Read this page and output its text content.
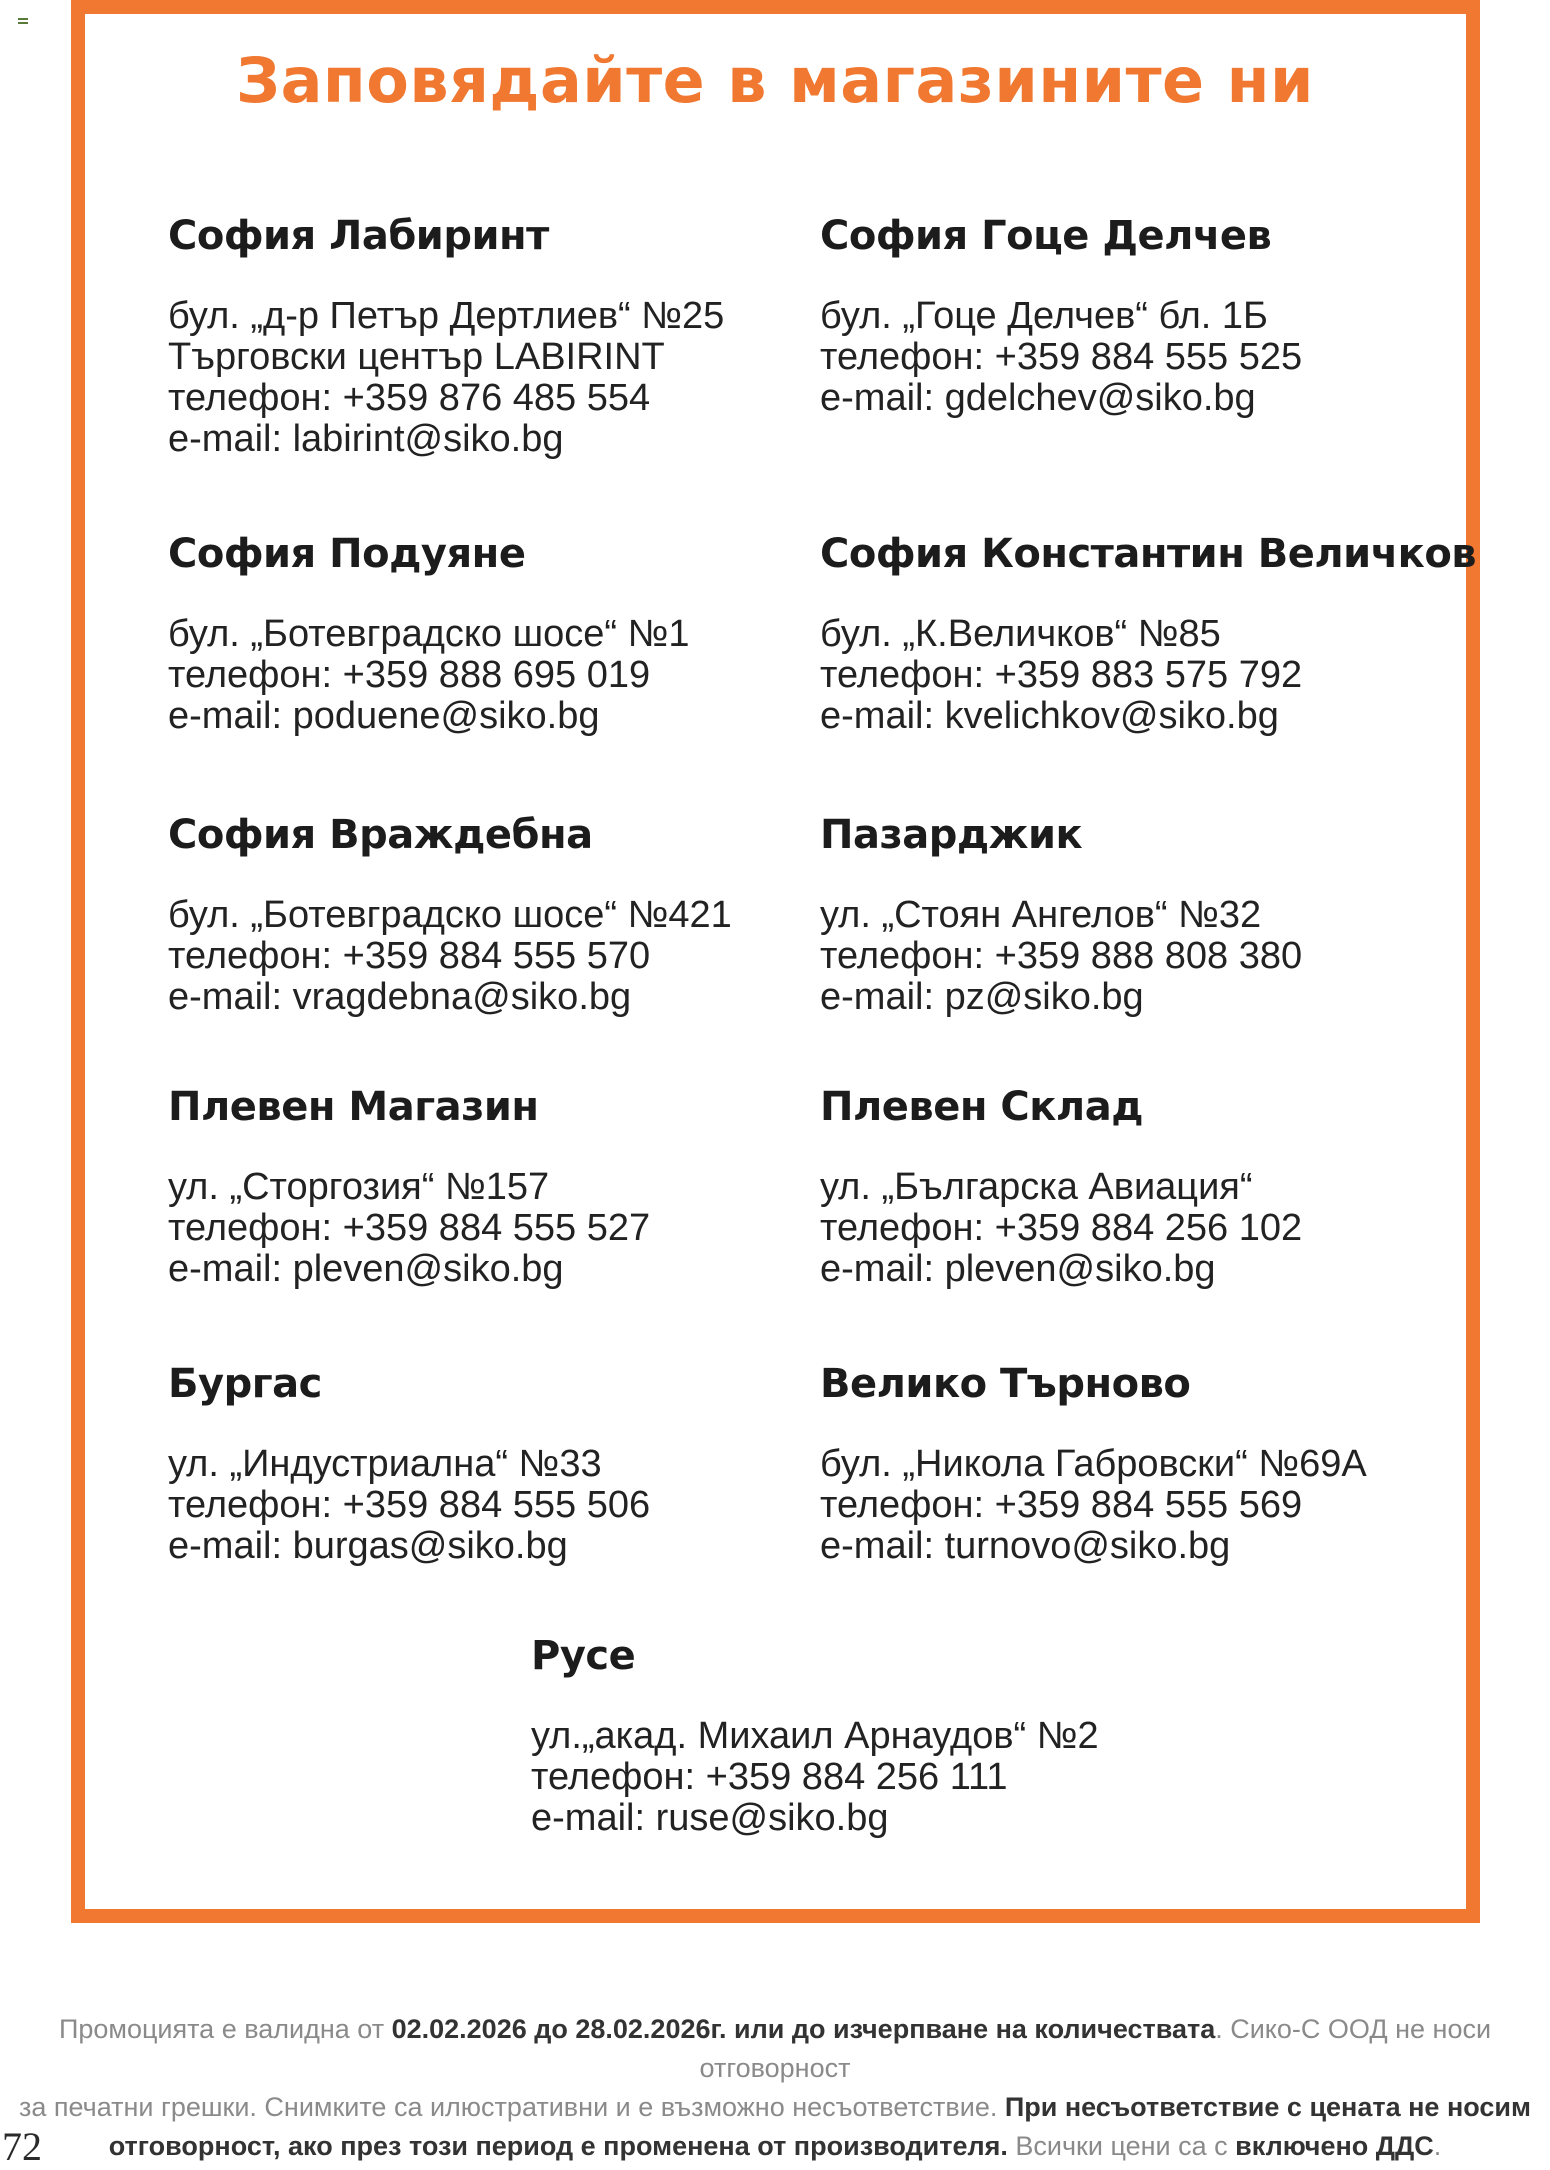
Заповядайте в магазините ни
София Лабиринт
бул. „д-р Петър Дертлиев“ №25
Търговски център LABIRINT
телефон: +359 876 485 554
e-mail: labirint@siko.bg
София Гоце Делчев
бул. „Гоце Делчев“ бл. 1Б
телефон: +359 884 555 525
e-mail: gdelchev@siko.bg
София Подуяне
бул. „Ботевградско шосе“ №1
телефон: +359 888 695 019
e-mail: poduene@siko.bg
София Константин Величков
бул. „К.Величков“ №85
телефон: +359 883 575 792
e-mail: kvelichkov@siko.bg
София Враждебна
бул. „Ботевградско шосе“ №421
телефон: +359 884 555 570
e-mail: vragdebna@siko.bg
Пазарджик
ул. „Стоян Ангелов“ №32
телефон: +359 888 808 380
e-mail: pz@siko.bg
Плевен Магазин
ул. „Сторгозия“ №157
телефон: +359 884 555 527
e-mail: pleven@siko.bg
Плевен Склад
ул. „Българска Авиация“
телефон: +359 884 256 102
e-mail: pleven@siko.bg
Бургас
ул. „Индустриална“ №33
телефон: +359 884 555 506
e-mail: burgas@siko.bg
Велико Търново
бул. „Никола Габровски“ №69А
телефон: +359 884 555 569
e-mail: turnovo@siko.bg
Русе
ул.„акад. Михаил Арнаудов“ №2
телефон: +359 884 256 111
e-mail: ruse@siko.bg
Промоцията е валидна от 02.02.2026 до 28.02.2026г. или до изчерпване на количествата. Сико-С ООД не носи отговорност
за печатни грешки. Снимките са илюстративни и е възможно несъответствие. При несъответствие с цената не носим
отговорност, ако през този период е променена от производителя. Всички цени са с включено ДДС.
72
